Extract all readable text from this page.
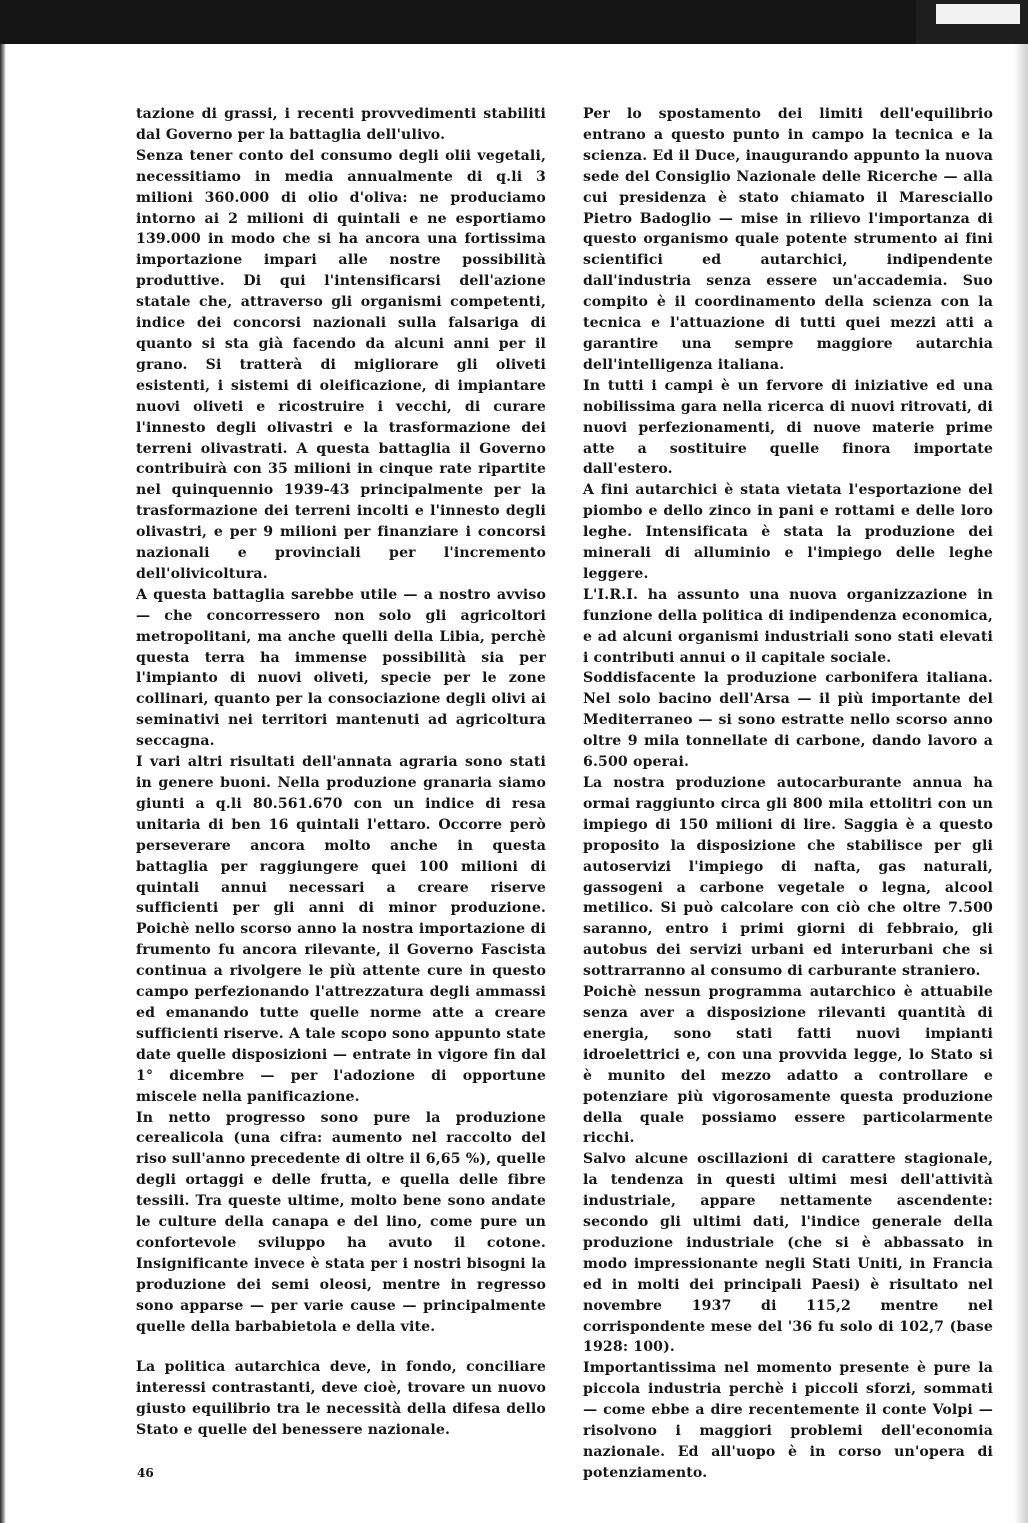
tazione di grassi, i recenti provvedimenti stabiliti dal Governo per la battaglia dell'ulivo.

Senza tener conto del consumo degli olii vegetali, necessitiamo in media annualmente di q.li 3 milioni 360.000 di olio d'oliva: ne produciamo intorno ai 2 milioni di quintali e ne esportiamo 139.000 in modo che si ha ancora una fortissima importazione impari alle nostre possibilità produttive. Di qui l'intensificarsi dell'azione statale che, attraverso gli organismi competenti, indice dei concorsi nazionali sulla falsariga di quanto si sta già facendo da alcuni anni per il grano. Si tratterà di migliorare gli oliveti esistenti, i sistemi di oleificazione, di impiantare nuovi oliveti e ricostruire i vecchi, di curare l'innesto degli olivastri e la trasformazione dei terreni olivastrati. A questa battaglia il Governo contribuirà con 35 milioni in cinque rate ripartite nel quinquennio 1939-43 principalmente per la trasformazione dei terreni incolti e l'innesto degli olivastri, e per 9 milioni per finanziare i concorsi nazionali e provinciali per l'incremento dell'olivicoltura.

A questa battaglia sarebbe utile — a nostro avviso — che concorressero non solo gli agricoltori metropolitani, ma anche quelli della Libia, perchè questa terra ha immense possibilità sia per l'impianto di nuovi oliveti, specie per le zone collinari, quanto per la consociazione degli olivi ai seminativi nei territori mantenuti ad agricoltura seccagna.

I vari altri risultati dell'annata agraria sono stati in genere buoni. Nella produzione granaria siamo giunti a q.li 80.561.670 con un indice di resa unitaria di ben 16 quintali l'ettaro. Occorre però perseverare ancora molto anche in questa battaglia per raggiungere quei 100 milioni di quintali annui necessari a creare riserve sufficienti per gli anni di minor produzione. Poichè nello scorso anno la nostra importazione di frumento fu ancora rilevante, il Governo Fascista continua a rivolgere le più attente cure in questo campo perfezionando l'attrezzatura degli ammassi ed emanando tutte quelle norme atte a creare sufficienti riserve. A tale scopo sono appunto state date quelle disposizioni — entrate in vigore fin dal 1° dicembre — per l'adozione di opportune miscele nella panificazione.

In netto progresso sono pure la produzione cerealicola (una cifra: aumento nel raccolto del riso sull'anno precedente di oltre il 6,65 %), quelle degli ortaggi e delle frutta, e quella delle fibre tessili. Tra queste ultime, molto bene sono andate le culture della canapa e del lino, come pure un confortevole sviluppo ha avuto il cotone. Insignificante invece è stata per i nostri bisogni la produzione dei semi oleosi, mentre in regresso sono apparse — per varie cause — principalmente quelle della barbabietola e della vite.

La politica autarchica deve, in fondo, conciliare interessi contrastanti, deve cioè, trovare un nuovo giusto equilibrio tra le necessità della difesa dello Stato e quelle del benessere nazionale.

Per lo spostamento dei limiti dell'equilibrio entrano a questo punto in campo la tecnica e la scienza. Ed il Duce, inaugurando appunto la nuova sede del Consiglio Nazionale delle Ricerche — alla cui presidenza è stato chiamato il Maresciallo Pietro Badoglio — mise in rilievo l'importanza di questo organismo quale potente strumento ai fini scientifici ed autarchici, indipendente dall'industria senza essere un'accademia. Suo compito è il coordinamento della scienza con la tecnica e l'attuazione di tutti quei mezzi atti a garantire una sempre maggiore autarchia dell'intelligenza italiana.

In tutti i campi è un fervore di iniziative ed una nobilissima gara nella ricerca di nuovi ritrovati, di nuovi perfezionamenti, di nuove materie prime atte a sostituire quelle finora importate dall'estero.

A fini autarchici è stata vietata l'esportazione del piombo e dello zinco in pani e rottami e delle loro leghe. Intensificata è stata la produzione dei minerali di alluminio e l'impiego delle leghe leggere.

L'I.R.I. ha assunto una nuova organizzazione in funzione della politica di indipendenza economica, e ad alcuni organismi industriali sono stati elevati i contributi annui o il capitale sociale.

Soddisfacente la produzione carbonifera italiana. Nel solo bacino dell'Arsa — il più importante del Mediterraneo — si sono estratte nello scorso anno oltre 9 mila tonnellate di carbone, dando lavoro a 6.500 operai.

La nostra produzione autocarburante annua ha ormai raggiunto circa gli 800 mila ettolitri con un impiego di 150 milioni di lire. Saggia è a questo proposito la disposizione che stabilisce per gli autoservizi l'impiego di nafta, gas naturali, gassogeni a carbone vegetale o legna, alcool metilico. Si può calcolare con ciò che oltre 7.500 saranno, entro i primi giorni di febbraio, gli autobus dei servizi urbani ed interurbani che si sottrarranno al consumo di carburante straniero.

Poichè nessun programma autarchico è attuabile senza aver a disposizione rilevanti quantità di energia, sono stati fatti nuovi impianti idroelettrici e, con una provvida legge, lo Stato si è munito del mezzo adatto a controllare e potenziare più vigorosamente questa produzione della quale possiamo essere particolarmente ricchi.

Salvo alcune oscillazioni di carattere stagionale, la tendenza in questi ultimi mesi dell'attività industriale, appare nettamente ascendente: secondo gli ultimi dati, l'indice generale della produzione industriale (che si è abbassato in modo impressionante negli Stati Uniti, in Francia ed in molti dei principali Paesi) è risultato nel novembre 1937 di 115,2 mentre nel corrispondente mese del '36 fu solo di 102,7 (base 1928: 100).

Importantissima nel momento presente è pure la piccola industria perchè i piccoli sforzi, sommati — come ebbe a dire recentemente il conte Volpi — risolvono i maggiori problemi dell'economia nazionale. Ed all'uopo è in corso un'opera di potenziamento.

46
